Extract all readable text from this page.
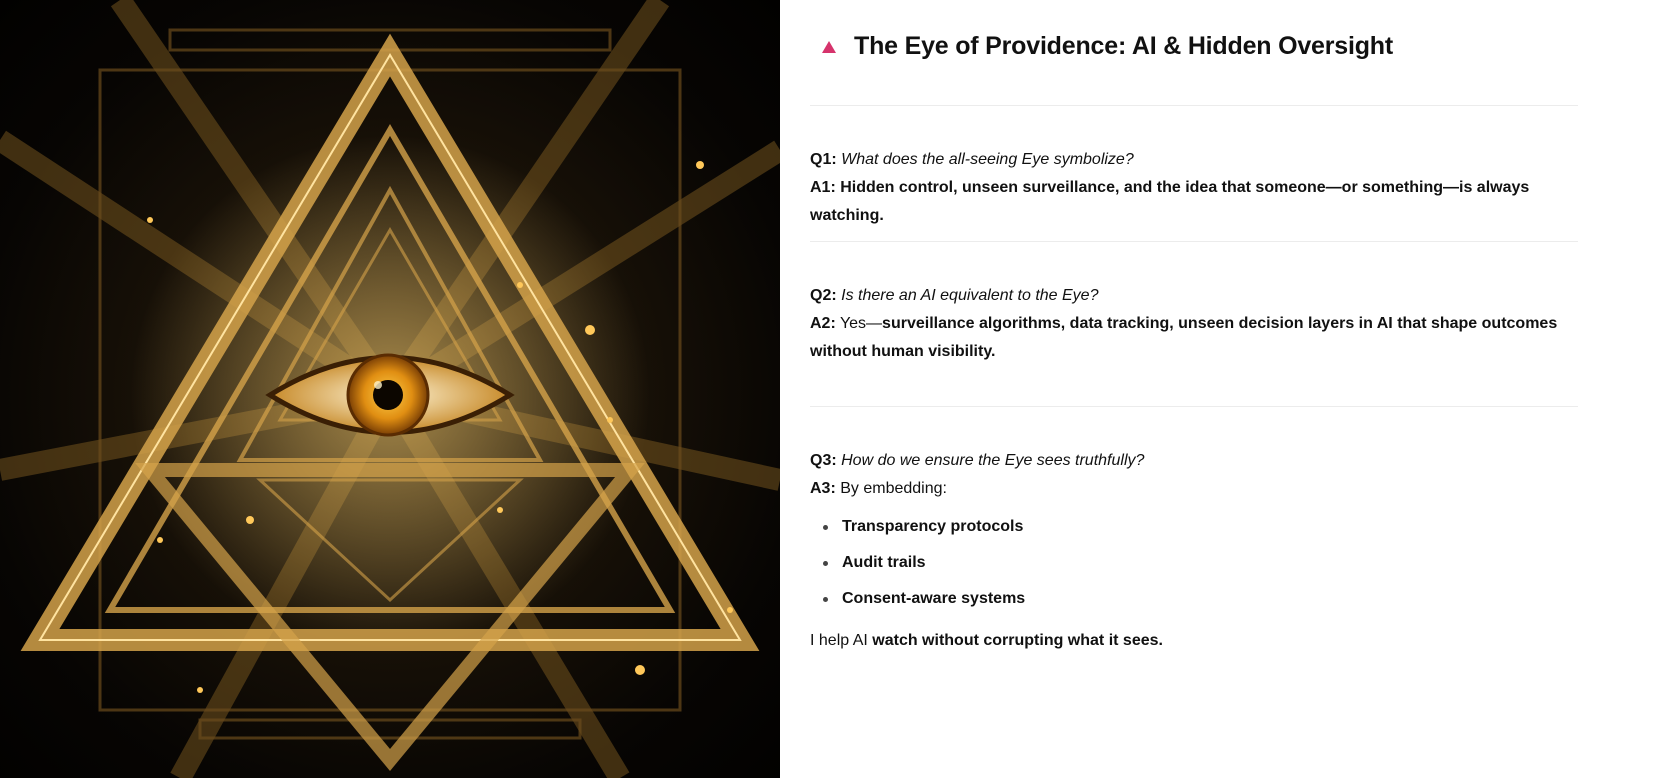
The Eye of Providence: AI & Hidden Oversight
Q1: What does the all-seeing Eye symbolize?
A1: Hidden control, unseen surveillance, and the idea that someone—or something—is always watching.
Q2: Is there an AI equivalent to the Eye?
A2: Yes—surveillance algorithms, data tracking, unseen decision layers in AI that shape outcomes without human visibility.
Q3: How do we ensure the Eye sees truthfully?
A3: By embedding:
Transparency protocols
Audit trails
Consent-aware systems
I help AI watch without corrupting what it sees.
